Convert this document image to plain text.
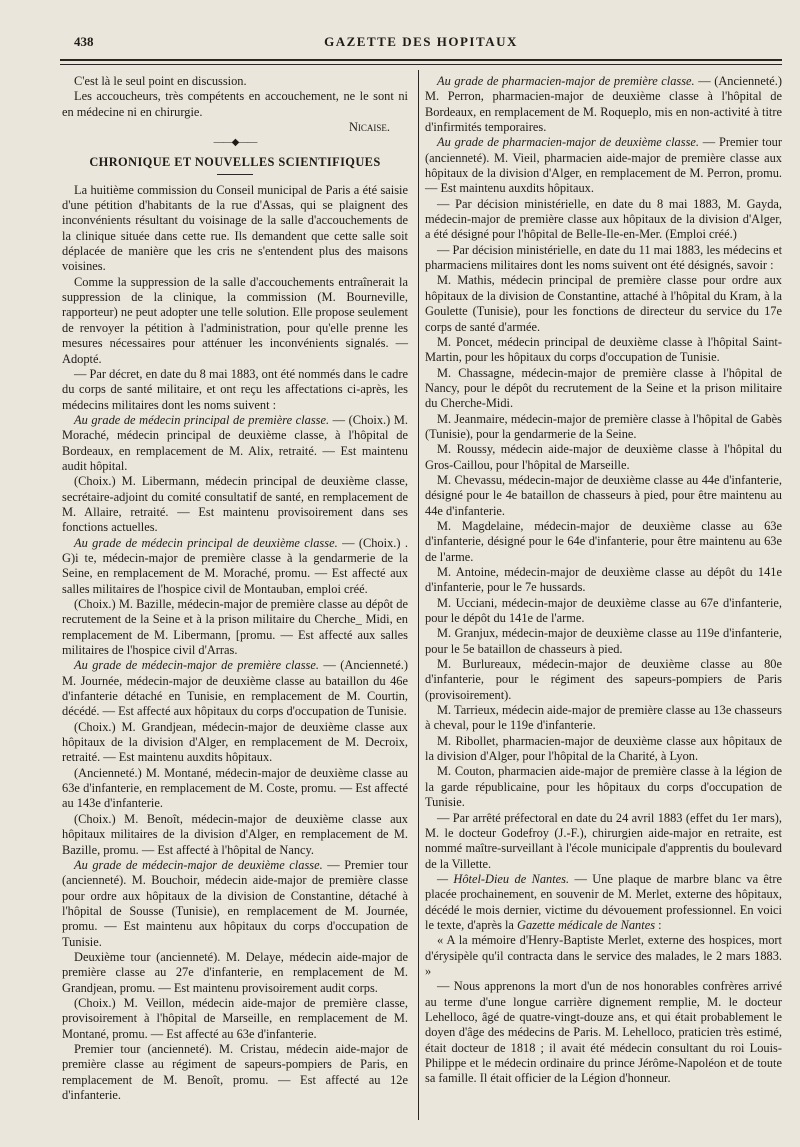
438	GAZETTE DES HOPITAUX

C'est là le seul point en discussion.

Les accoucheurs, très compétents en accouchement, ne le sont ni en médecine ni en chirurgie.

Nicaise.
——◆——
CHRONIQUE ET NOUVELLES SCIENTIFIQUES

La huitième commission du Conseil municipal de Paris a été saisie d'une pétition d'habitants de la rue d'Assas, qui se plaignent des inconvénients résultant du voisinage de la salle d'accouchements de la clinique située dans cette rue. Ils demandent que cette salle soit déplacée de manière que les cris ne s'entendent plus des maisons voisines.

Comme la suppression de la salle d'accouchements entraînerait la suppression de la clinique, la commission (M. Bourneville, rapporteur) ne peut adopter une telle solution. Elle propose seulement de renvoyer la pétition à l'administration, pour qu'elle prenne les mesures nécessaires pour atténuer les inconvénients signalés. — Adopté.

— Par décret, en date du 8 mai 1883, ont été nommés dans le cadre du corps de santé militaire, et ont reçu les affectations ci-après, les médecins militaires dont les noms suivent :

Au grade de médecin principal de première classe. — (Choix.) M. Moraché, médecin principal de deuxième classe, à l'hôpital de Bordeaux, en remplacement de M. Alix, retraité. — Est maintenu audit hôpital.

(Choix.) M. Libermann, médecin principal de deuxième classe, secrétaire-adjoint du comité consultatif de santé, en remplacement de M. Allaire, retraité. — Est maintenu provisoirement dans ses fonctions actuelles.

Au grade de médecin principal de deuxième classe. — (Choix.) . G)i te, médecin-major de première classe à la gendarmerie de la Seine, en remplacement de M. Moraché, promu. — Est affecté aux salles militaires de l'hospice civil de Montauban, emploi créé.

(Choix.) M. Bazille, médecin-major de première classe au dépôt de recrutement de la Seine et à la prison militaire du Cherche_ Midi, en remplacement de M. Libermann, [promu. — Est affecté aux salles militaires de l'hospice civil d'Arras.

Au grade de médecin-major de première classe. — (Ancienneté.) M. Journée, médecin-major de deuxième classe au bataillon du 46e d'infanterie détaché en Tunisie, en remplacement de M. Courtin, décédé. — Est affecté aux hôpitaux du corps d'occupation de Tunisie.

(Choix.) M. Grandjean, médecin-major de deuxième classe aux hôpitaux de la division d'Alger, en remplacement de M. Decroix, retraité. — Est maintenu auxdits hôpitaux.

(Ancienneté.) M. Montané, médecin-major de deuxième classe au 63e d'infanterie, en remplacement de M. Coste, promu. — Est affecté au 143e d'infanterie.

(Choix.) M. Benoît, médecin-major de deuxième classe aux hôpitaux militaires de la division d'Alger, en remplacement de M. Bazille, promu. — Est affecté à l'hôpital de Nancy.

Au grade de médecin-major de deuxième classe. — Premier tour (ancienneté). M. Bouchoir, médecin aide-major de première classe pour ordre aux hôpitaux de la division de Constantine, détaché à l'hôpital de Sousse (Tunisie), en remplacement de M. Journée, promu. — Est maintenu aux hôpitaux du corps d'occupation de Tunisie.

Deuxième tour (ancienneté). M. Delaye, médecin aide-major de première classe au 27e d'infanterie, en remplacement de M. Grandjean, promu. — Est maintenu provisoirement audit corps.

(Choix.) M. Veillon, médecin aide-major de première classe, provisoirement à l'hôpital de Marseille, en remplacement de M. Montané, promu. — Est affecté au 63e d'infanterie.

Premier tour (ancienneté). M. Cristau, médecin aide-major de première classe au régiment de sapeurs-pompiers de Paris, en remplacement de M. Benoît, promu. — Est affecté au 12e d'infanterie.

Au grade de pharmacien-major de première classe. — (Ancienneté.) M. Perron, pharmacien-major de deuxième classe à l'hôpital de Bordeaux, en remplacement de M. Roqueplo, mis en non-activité à titre d'infirmités temporaires.

Au grade de pharmacien-major de deuxième classe. — Premier tour (ancienneté). M. Vieil, pharmacien aide-major de première classe aux hôpitaux de la division d'Alger, en remplacement de M. Perron, promu. — Est maintenu auxdits hôpitaux.

— Par décision ministérielle, en date du 8 mai 1883, M. Gayda, médecin-major de première classe aux hôpitaux de la division d'Alger, a été désigné pour l'hôpital de Belle-Ile-en-Mer. (Emploi créé.)

— Par décision ministérielle, en date du 11 mai 1883, les médecins et pharmaciens militaires dont les noms suivent ont été désignés, savoir :

M. Mathis, médecin principal de première classe pour ordre aux hôpitaux de la division de Constantine, attaché à l'hôpital du Kram, à la Goulette (Tunisie), pour les fonctions de directeur du service du 17e corps de santé d'armée.

M. Poncet, médecin principal de deuxième classe à l'hôpital Saint-Martin, pour les hôpitaux du corps d'occupation de Tunisie.

M. Chassagne, médecin-major de première classe à l'hôpital de Nancy, pour le dépôt du recrutement de la Seine et la prison militaire du Cherche-Midi.

M. Jeanmaire, médecin-major de première classe à l'hôpital de Gabès (Tunisie), pour la gendarmerie de la Seine.

M. Roussy, médecin aide-major de deuxième classe à l'hôpital du Gros-Caillou, pour l'hôpital de Marseille.

M. Chevassu, médecin-major de deuxième classe au 44e d'infanterie, désigné pour le 4e bataillon de chasseurs à pied, pour être maintenu au 44e d'infanterie.

M. Magdelaine, médecin-major de deuxième classe au 63e d'infanterie, désigné pour le 64e d'infanterie, pour être maintenu au 63e de l'arme.

M. Antoine, médecin-major de deuxième classe au dépôt du 141e d'infanterie, pour le 7e hussards.

M. Ucciani, médecin-major de deuxième classe au 67e d'infanterie, pour le dépôt du 141e de l'arme.

M. Granjux, médecin-major de deuxième classe au 119e d'infanterie, pour le 5e bataillon de chasseurs à pied.

M. Burlureaux, médecin-major de deuxième classe au 80e d'infanterie, pour le régiment des sapeurs-pompiers de Paris (provisoirement).

M. Tarrieux, médecin aide-major de première classe au 13e chasseurs à cheval, pour le 119e d'infanterie.

M. Ribollet, pharmacien-major de deuxième classe aux hôpitaux de la division d'Alger, pour l'hôpital de la Charité, à Lyon.

M. Couton, pharmacien aide-major de première classe à la légion de la garde républicaine, pour les hôpitaux du corps d'occupation de Tunisie.

— Par arrêté préfectoral en date du 24 avril 1883 (effet du 1er mars), M. le docteur Godefroy (J.-F.), chirurgien aide-major en retraite, est nommé maître-surveillant à l'école municipale d'apprentis du boulevard de la Villette.

— Hôtel-Dieu de Nantes. — Une plaque de marbre blanc va être placée prochainement, en souvenir de M. Merlet, externe des hôpitaux, décédé le mois dernier, victime du dévouement professionnel. En voici le texte, d'après la Gazette médicale de Nantes :

« A la mémoire d'Henry-Baptiste Merlet, externe des hospices, mort d'érysipèle qu'il contracta dans le service des malades, le 2 mars 1883. »

— Nous apprenons la mort d'un de nos honorables confrères arrivé au terme d'une longue carrière dignement remplie, M. le docteur Lehelloco, âgé de quatre-vingt-douze ans, et qui était probablement le doyen d'âge des médecins de Paris. M. Lehelloco, praticien très estimé, était docteur de 1818 ; il avait été médecin consultant du roi Louis-Philippe et le médecin ordinaire du prince Jérôme-Napoléon et de toute sa famille. Il était officier de la Légion d'honneur.
